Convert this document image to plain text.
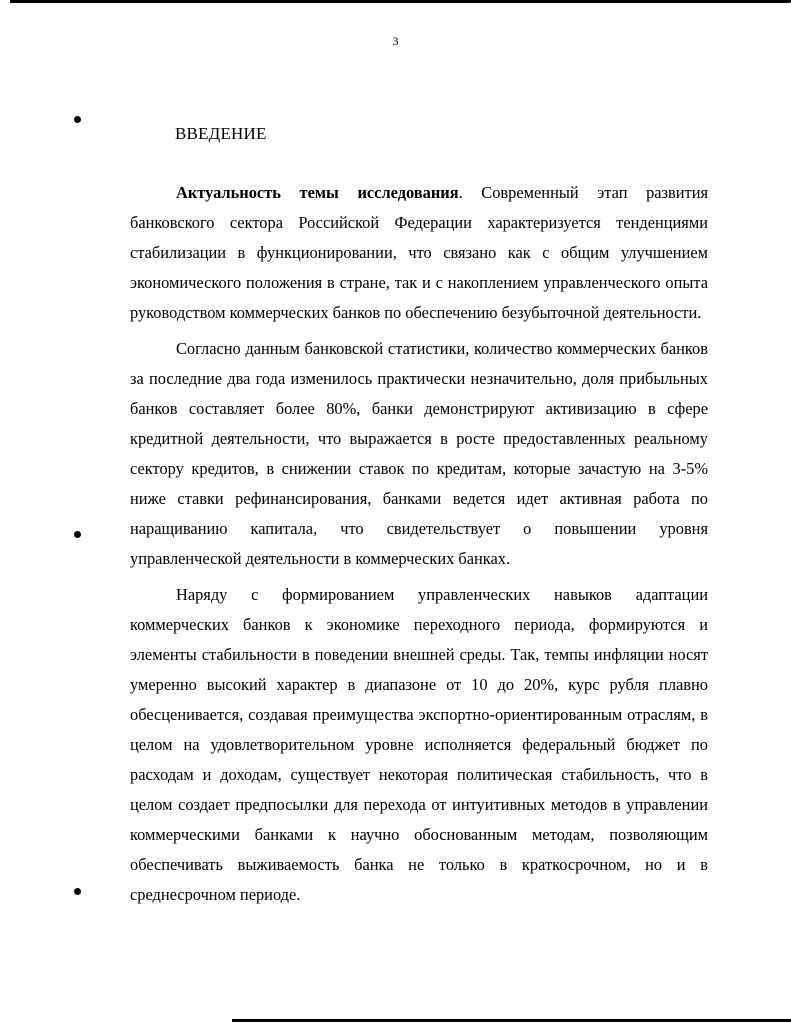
3
ВВЕДЕНИЕ

Актуальность темы исследования. Современный этап развития банковского сектора Российской Федерации характеризуется тенденциями стабилизации в функционировании, что связано как с общим улучшением экономического положения в стране, так и с накоплением управленческого опыта руководством коммерческих банков по обеспечению безубыточной деятельности.

Согласно данным банковской статистики, количество коммерческих банков за последние два года изменилось практически незначительно, доля прибыльных банков составляет более 80%, банки демонстрируют активизацию в сфере кредитной деятельности, что выражается в росте предоставленных реальному сектору кредитов, в снижении ставок по кредитам, которые зачастую на 3-5% ниже ставки рефинансирования, банками ведется идет активная работа по наращиванию капитала, что свидетельствует о повышении уровня управленческой деятельности в коммерческих банках.

Наряду с формированием управленческих навыков адаптации коммерческих банков к экономике переходного периода, формируются и элементы стабильности в поведении внешней среды. Так, темпы инфляции носят умеренно высокий характер в диапазоне от 10 до 20%, курс рубля плавно обесценивается, создавая преимущества экспортно-ориентированным отраслям, в целом на удовлетворительном уровне исполняется федеральный бюджет по расходам и доходам, существует некоторая политическая стабильность, что в целом создает предпосылки для перехода от интуитивных методов в управлении коммерческими банками к научно обоснованным методам, позволяющим обеспечивать выживаемость банка не только в краткосрочном, но и в среднесрочном периоде.
